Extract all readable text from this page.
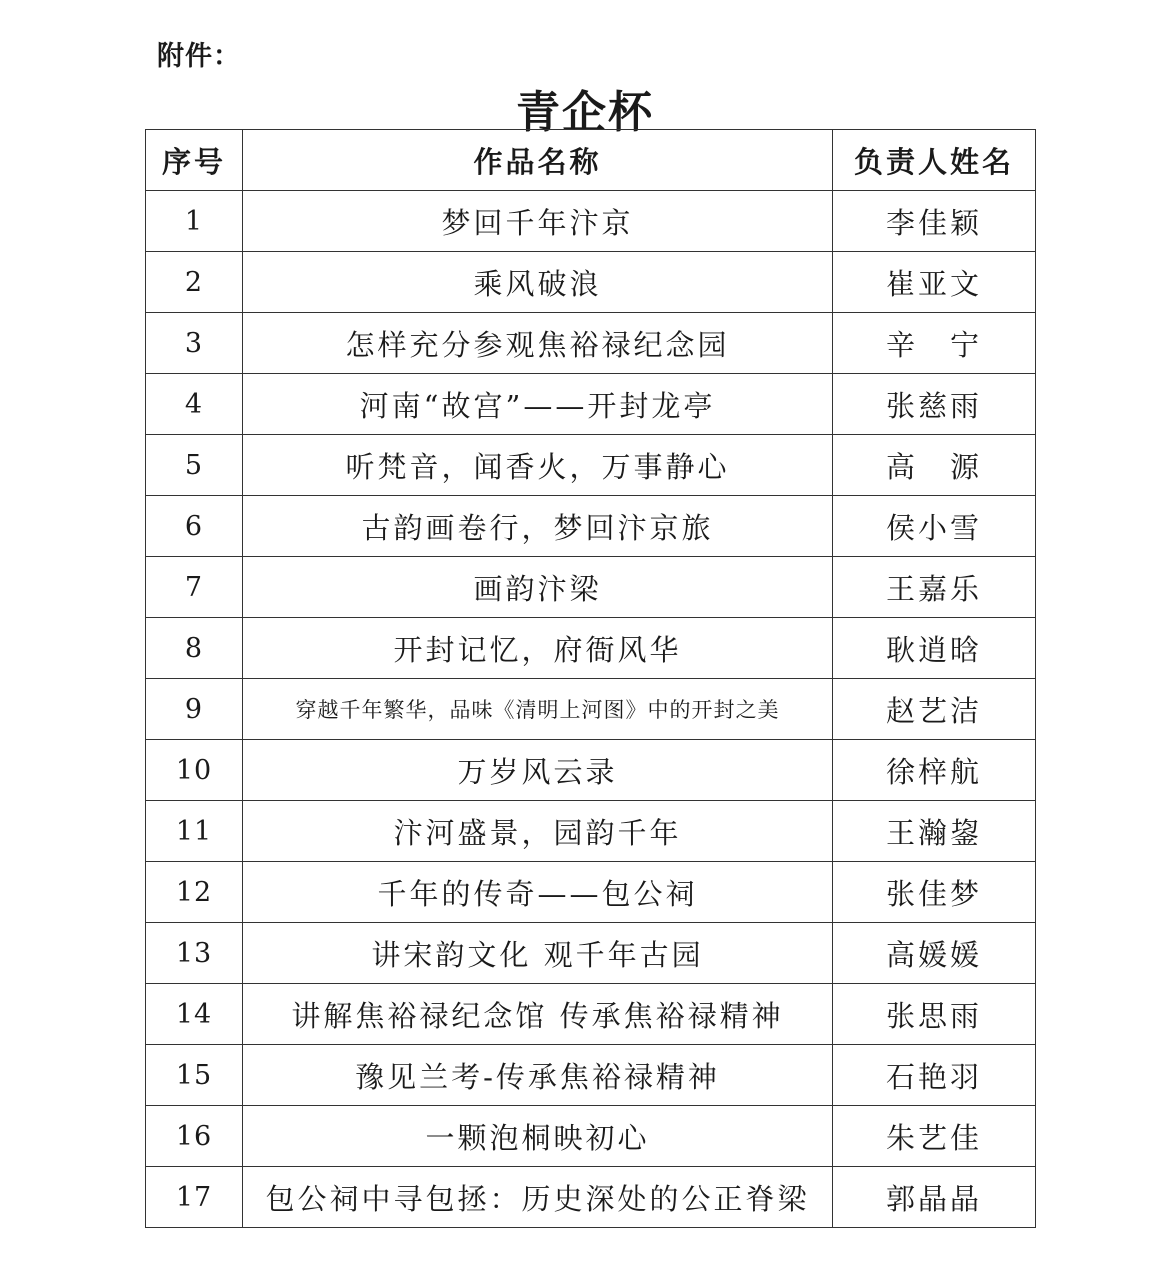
附件：
青企杯
序号	作品名称	负责人姓名
1	梦回千年汴京	李佳颖
2	乘风破浪	崔亚文
3	怎样充分参观焦裕禄纪念园	辛　宁
4	河南“故宫”——开封龙亭	张慈雨
5	听梵音，闻香火，万事静心	高　源
6	古韵画卷行，梦回汴京旅	侯小雪
7	画韵汴梁	王嘉乐
8	开封记忆，府衙风华	耿逍晗
9	穿越千年繁华，品味《清明上河图》中的开封之美	赵艺洁
10	万岁风云录	徐梓航
11	汴河盛景，园韵千年	王瀚鋆
12	千年的传奇——包公祠	张佳梦
13	讲宋韵文化 观千年古园	高媛媛
14	讲解焦裕禄纪念馆 传承焦裕禄精神	张思雨
15	豫见兰考-传承焦裕禄精神	石艳羽
16	一颗泡桐映初心	朱艺佳
17	包公祠中寻包拯：历史深处的公正脊梁	郭晶晶
